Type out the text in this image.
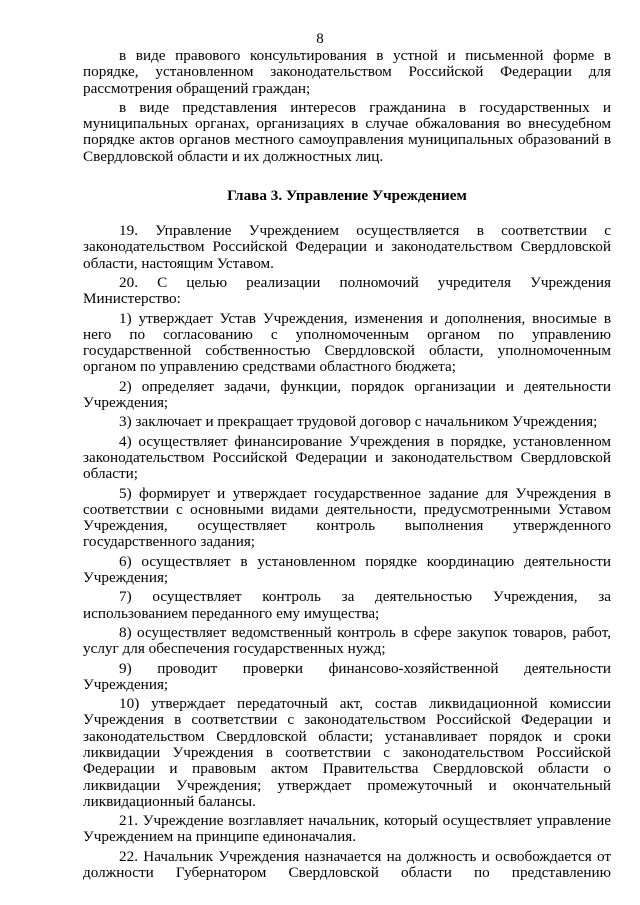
8

в виде правового консультирования в устной и письменной форме в порядке, установленном законодательством Российской Федерации для рассмотрения обращений граждан;

в виде представления интересов гражданина в государственных и муниципальных органах, организациях в случае обжалования во внесудебном порядке актов органов местного самоуправления муниципальных образований в Свердловской области и их должностных лиц.

Глава 3. Управление Учреждением

19. Управление Учреждением осуществляется в соответствии с законодательством Российской Федерации и законодательством Свердловской области, настоящим Уставом.

20. С целью реализации полномочий учредителя Учреждения Министерство:

1) утверждает Устав Учреждения, изменения и дополнения, вносимые в него по согласованию с уполномоченным органом по управлению государственной собственностью Свердловской области, уполномоченным органом по управлению средствами областного бюджета;

2) определяет задачи, функции, порядок организации и деятельности Учреждения;

3) заключает и прекращает трудовой договор с начальником Учреждения;

4) осуществляет финансирование Учреждения в порядке, установленном законодательством Российской Федерации и законодательством Свердловской области;

5) формирует и утверждает государственное задание для Учреждения в соответствии с основными видами деятельности, предусмотренными Уставом Учреждения, осуществляет контроль выполнения утвержденного государственного задания;

6) осуществляет в установленном порядке координацию деятельности Учреждения;

7) осуществляет контроль за деятельностью Учреждения, за использованием переданного ему имущества;

8) осуществляет ведомственный контроль в сфере закупок товаров, работ, услуг для обеспечения государственных нужд;

9) проводит проверки финансово-хозяйственной деятельности Учреждения;

10) утверждает передаточный акт, состав ликвидационной комиссии Учреждения в соответствии с законодательством Российской Федерации и законодательством Свердловской области; устанавливает порядок и сроки ликвидации Учреждения в соответствии с законодательством Российской Федерации и правовым актом Правительства Свердловской области о ликвидации Учреждения; утверждает промежуточный и окончательный ликвидационный балансы.

21. Учреждение возглавляет начальник, который осуществляет управление Учреждением на принципе единоначалия.

22. Начальник Учреждения назначается на должность и освобождается от должности Губернатором Свердловской области по представлению
